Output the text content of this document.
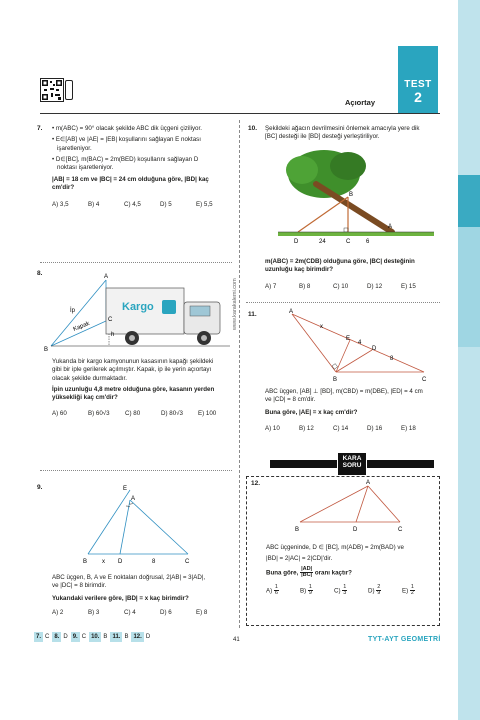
TEST
2
Açıortay
www.karakalemi.com
7. • m(ABC) = 90° olacak şekilde ABC dik üçgeni çiziliyor.
• E∈[AB] ve |AE| = |EB| koşullarını sağlayan E noktası
işaretleniyor.
• D∈[BC], m(BAC) = 2m(BED) koşullarını sağlayan D
noktası işaretleniyor.
|AB| = 18 cm ve |BC| = 24 cm olduğuna göre, |BD| kaç
cm'dir?
A) 3,5	B) 4	C) 4,5	D) 5	E) 5,5
8.
Kargo
A
B
C
İp
Kapak
h
Yukarıda bir kargo kamyonunun kasasının kapağı şekildeki
gibi bir iple gerilerek açılmıştır. Kapak, ip ile yerin açıortayı
olacak şekilde durmaktadır.
İpin uzunluğu 4,8 metre olduğuna göre, kasanın yerden
yüksekliği kaç cm'dir?
A) 60	B) 60√3	C) 80	D) 80√3	E) 100
9.	E
A
B x D	8	C
ABC üçgen, B, A ve E noktaları doğrusal, 2|AB| = 3|AD|,
ve |DC| = 8 birimdir.
Yukarıdaki verilere göre, |BD| = x kaç birimdir?
A) 2	B) 3	C) 4	D) 6	E) 8
10. Şekildeki ağacın devrilmesini önlemek amacıyla yere dik
[BC] desteği ile [BD] desteği yerleştiriliyor.
B
D	24	C	6
A
m(ABC) = 2m(CDB) olduğuna göre, |BC| desteğinin
uzunluğu kaç birimdir?
A) 7	B) 8	C) 10	D) 12	E) 15
11.	A
x
E
4
D
8
B	C
ABC üçgen, [AB] ⊥ [BD], m(CBD) = m(DBE), |ED| = 4 cm
ve |CD| = 8 cm'dir.
Buna göre, |AE| = x kaç cm'dir?
A) 10	B) 12	C) 14	D) 16	E) 18
KARA
SORU
12.	A
B	D	C
ABC üçgeninde, D ∈ [BC], m(ADB) = 2m(BAD) ve
|BD| = 2|AC| = 2|CD|'dir.
Buna göre, $\frac{|AD|}{|BC|}$ oranı kaçtır?
$A) \frac{1}{6}$	$B) \frac{1}{9}$	$C) \frac{1}{3}$	$D) \frac{2}{9}$	$E) \frac{1}{2}$
7. C 8. D 9. C 10. B 11. B 12. D	41	TYT-AYT GEOMETRİ
